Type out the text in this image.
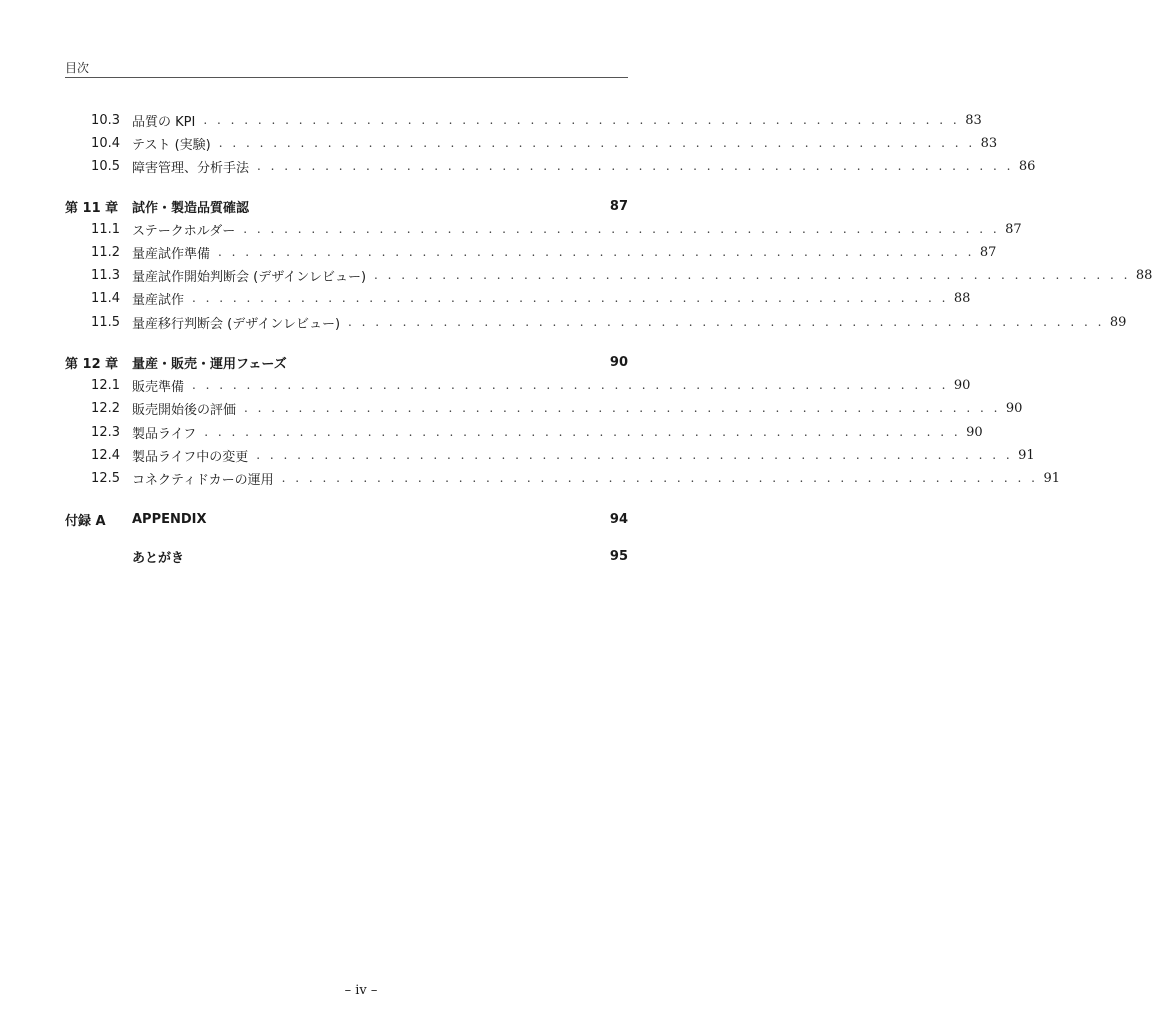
目次
10.3 品質の KPI . . . . . . . . . . . . . . . . . . . . . . . . . . . . . . . . . . . . . . . . . . . . . . . . . . . . . . . . 83
10.4 テスト (実験) . . . . . . . . . . . . . . . . . . . . . . . . . . . . . . . . . . . . . . . . . . . . . . . . . . . . . . . . 83
10.5 障害管理、分析手法 . . . . . . . . . . . . . . . . . . . . . . . . . . . . . . . . . . . . . . . . . . . . . . . . . . . . . . . . 86
第 11 章	試作・製造品質確認	87
11.1 ステークホルダー . . . . . . . . . . . . . . . . . . . . . . . . . . . . . . . . . . . . . . . . . . . . . . . . . . . . . . . . 87
11.2 量産試作準備 . . . . . . . . . . . . . . . . . . . . . . . . . . . . . . . . . . . . . . . . . . . . . . . . . . . . . . . . 87
11.3 量産試作開始判断会 (デザインレビュー) . . . . . . . . . . . . . . . . . . . . . . . . . . . . . . . . . . . . . . . . . . . . . . . . . . . . . . . . 88
11.4 量産試作 . . . . . . . . . . . . . . . . . . . . . . . . . . . . . . . . . . . . . . . . . . . . . . . . . . . . . . . . 88
11.5 量産移行判断会 (デザインレビュー) . . . . . . . . . . . . . . . . . . . . . . . . . . . . . . . . . . . . . . . . . . . . . . . . . . . . . . . . 89
第 12 章	量産・販売・運用フェーズ	90
12.1 販売準備 . . . . . . . . . . . . . . . . . . . . . . . . . . . . . . . . . . . . . . . . . . . . . . . . . . . . . . . . 90
12.2 販売開始後の評価 . . . . . . . . . . . . . . . . . . . . . . . . . . . . . . . . . . . . . . . . . . . . . . . . . . . . . . . . 90
12.3 製品ライフ . . . . . . . . . . . . . . . . . . . . . . . . . . . . . . . . . . . . . . . . . . . . . . . . . . . . . . . . 90
12.4 製品ライフ中の変更 . . . . . . . . . . . . . . . . . . . . . . . . . . . . . . . . . . . . . . . . . . . . . . . . . . . . . . . . 91
12.5 コネクティドカーの運用 . . . . . . . . . . . . . . . . . . . . . . . . . . . . . . . . . . . . . . . . . . . . . . . . . . . . . . . . 91
付録 A	APPENDIX	94
あとがき	95
– iv –
